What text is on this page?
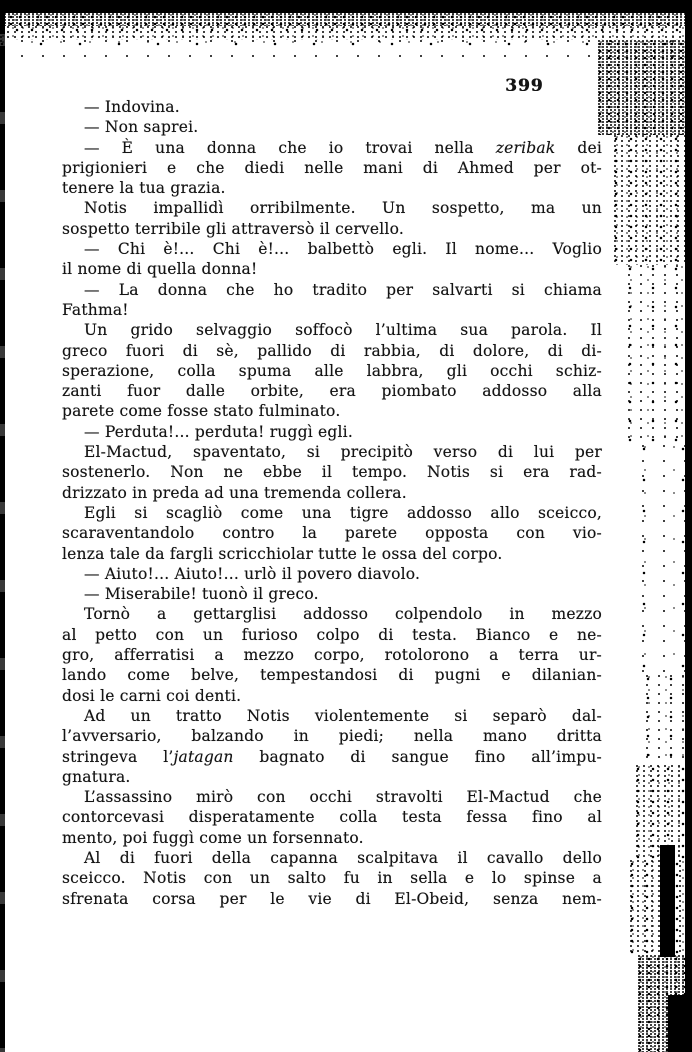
399
— Indovina.
— Non saprei.
— È una donna che io trovai nella zeribak dei
prigionieri e che diedi nelle mani di Ahmed per ot-
tenere la tua grazia.
Notis impallidì orribilmente. Un sospetto, ma un
sospetto terribile gli attraversò il cervello.
— Chi è!... Chi è!... balbettò egli. Il nome... Voglio
il nome di quella donna!
— La donna che ho tradito per salvarti si chiama
Fathma!
Un grido selvaggio soffocò l’ultima sua parola. Il
greco fuori di sè, pallido di rabbia, di dolore, di di-
sperazione, colla spuma alle labbra, gli occhi schiz-
zanti fuor dalle orbite, era piombato addosso alla
parete come fosse stato fulminato.
— Perduta!... perduta! ruggì egli.
El-Mactud, spaventato, si precipitò verso di lui per
sostenerlo. Non ne ebbe il tempo. Notis si era rad-
drizzato in preda ad una tremenda collera.
Egli si scagliò come una tigre addosso allo sceicco,
scaraventandolo contro la parete opposta con vio-
lenza tale da fargli scricchiolar tutte le ossa del corpo.
— Aiuto!... Aiuto!... urlò il povero diavolo.
— Miserabile! tuonò il greco.
Tornò a gettarglisi addosso colpendolo in mezzo
al petto con un furioso colpo di testa. Bianco e ne-
gro, afferratisi a mezzo corpo, rotolorono a terra ur-
lando come belve, tempestandosi di pugni e dilanian-
dosi le carni coi denti.
Ad un tratto Notis violentemente si separò dal-
l’avversario, balzando in piedi; nella mano dritta
stringeva l’jatagan bagnato di sangue fino all’impu-
gnatura.
L’assassino mirò con occhi stravolti El-Mactud che
contorcevasi disperatamente colla testa fessa fino al
mento, poi fuggì come un forsennato.
Al di fuori della capanna scalpitava il cavallo dello
sceicco. Notis con un salto fu in sella e lo spinse a
sfrenata corsa per le vie di El-Obeid, senza nem-
